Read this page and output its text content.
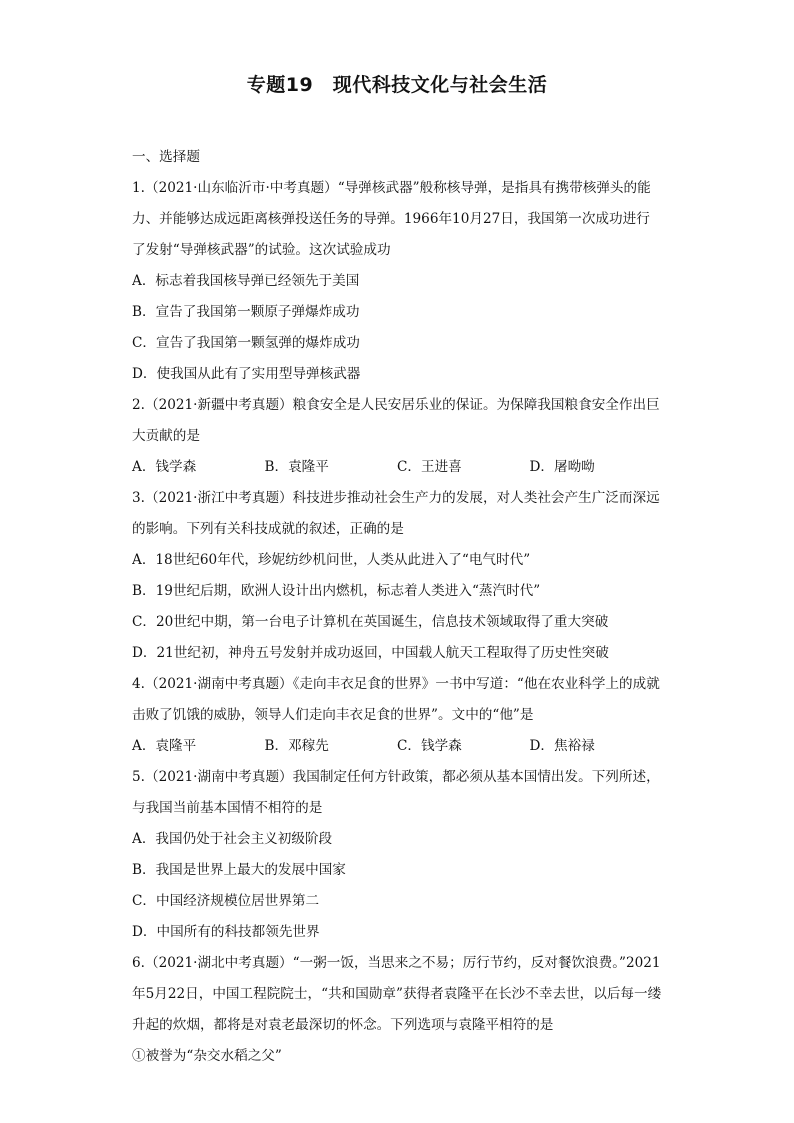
专题19　现代科技文化与社会生活
一、选择题
1.（2021·山东临沂市·中考真题）“导弹核武器”般称核导弹，是指具有携带核弹头的能力、并能够达成远距离核弹投送任务的导弹。1966年10月27日，我国第一次成功进行了发射“导弹核武器”的试验。这次试验成功
A．标志着我国核导弹已经领先于美国
B．宣告了我国第一颗原子弹爆炸成功
C．宣告了我国第一颗氢弹的爆炸成功
D．使我国从此有了实用型导弹核武器
2.（2021·新疆中考真题）粮食安全是人民安居乐业的保证。为保障我国粮食安全作出巨大贡献的是
A．钱学森	B．袁隆平	C．王进喜	D．屠呦呦
3.（2021·浙江中考真题）科技进步推动社会生产力的发展，对人类社会产生广泛而深远的影响。下列有关科技成就的叙述，正确的是
A．18世纪60年代，珍妮纺纱机问世，人类从此进入了“电气时代”
B．19世纪后期，欧洲人设计出内燃机，标志着人类进入“蒸汽时代”
C．20世纪中期，第一台电子计算机在英国诞生，信息技术领域取得了重大突破
D．21世纪初，神舟五号发射并成功返回，中国载人航天工程取得了历史性突破
4.（2021·湖南中考真题）《走向丰衣足食的世界》一书中写道：“他在农业科学上的成就击败了饥饿的威胁，领导人们走向丰衣足食的世界”。文中的“他”是
A．袁隆平	B．邓稼先	C．钱学森	D．焦裕禄
5.（2021·湖南中考真题）我国制定任何方针政策，都必须从基本国情出发。下列所述，与我国当前基本国情不相符的是
A．我国仍处于社会主义初级阶段
B．我国是世界上最大的发展中国家
C．中国经济规模位居世界第二
D．中国所有的科技都领先世界
6.（2021·湖北中考真题）“一粥一饭，当思来之不易；厉行节约，反对餐饮浪费。”2021年5月22日，中国工程院院士，“共和国勋章”获得者袁隆平在长沙不幸去世，以后每一缕升起的炊烟，都将是对袁老最深切的怀念。下列选项与袁隆平相符的是
①被誉为“杂交水稻之父”
